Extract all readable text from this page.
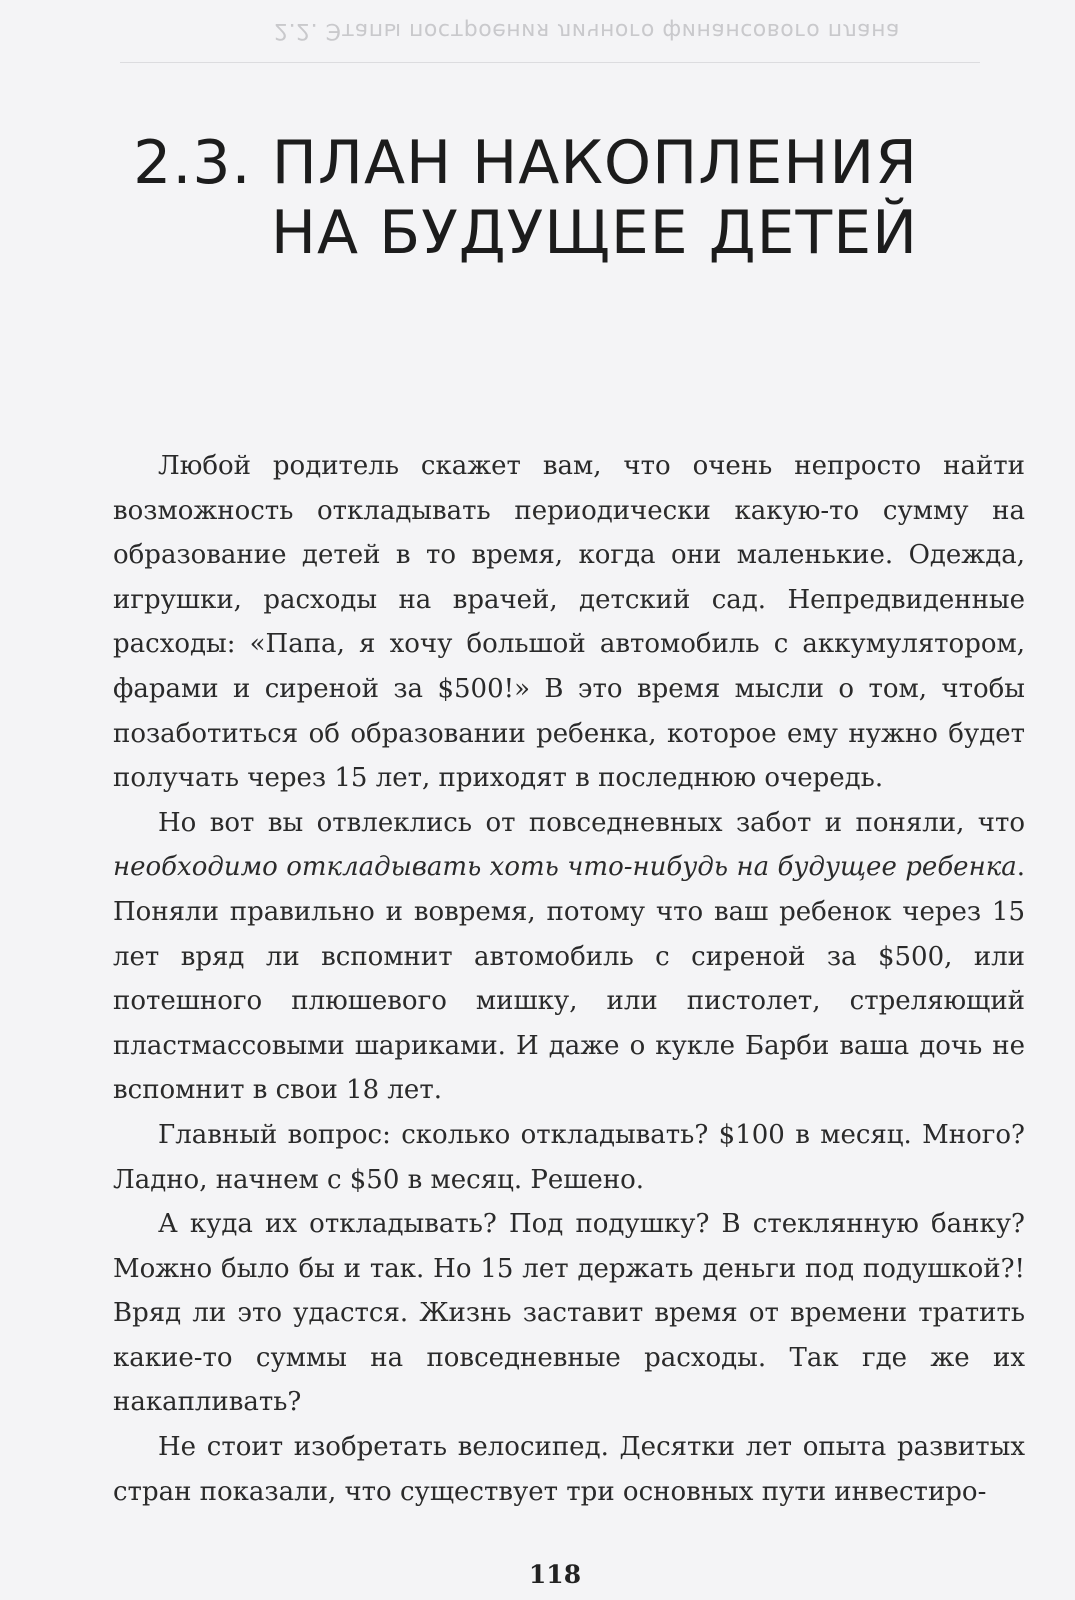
2.2. Этапы построения личного финансового плана
2.3. ПЛАН НАКОПЛЕНИЯ
НА БУДУЩЕЕ ДЕТЕЙ

Любой родитель скажет вам, что очень непросто найти возможность откладывать периодически какую-то сумму на образование детей в то время, когда они маленькие. Одежда, игрушки, расходы на врачей, детский сад. Непредвиденные расходы: «Папа, я хочу большой автомобиль с аккумулятором, фарами и сиреной за $500!» В это время мысли о том, чтобы позаботиться об образовании ребенка, которое ему нужно будет получать через 15 лет, приходят в последнюю очередь.

Но вот вы отвлеклись от повседневных забот и поняли, что необходимо откладывать хоть что-нибудь на будущее ребенка. Поняли правильно и вовремя, потому что ваш ребенок через 15 лет вряд ли вспомнит автомобиль с сиреной за $500, или потешного плюшевого мишку, или пистолет, стреляющий пластмассовыми шариками. И даже о кукле Барби ваша дочь не вспомнит в свои 18 лет.

Главный вопрос: сколько откладывать? $100 в месяц. Много? Ладно, начнем с $50 в месяц. Решено.

А куда их откладывать? Под подушку? В стеклянную банку? Можно было бы и так. Но 15 лет держать деньги под подушкой?! Вряд ли это удастся. Жизнь заставит время от времени тратить какие-то суммы на повседневные расходы. Так где же их накапливать?

Не стоит изобретать велосипед. Десятки лет опыта развитых стран показали, что существует три основных пути инвестиро-

118
